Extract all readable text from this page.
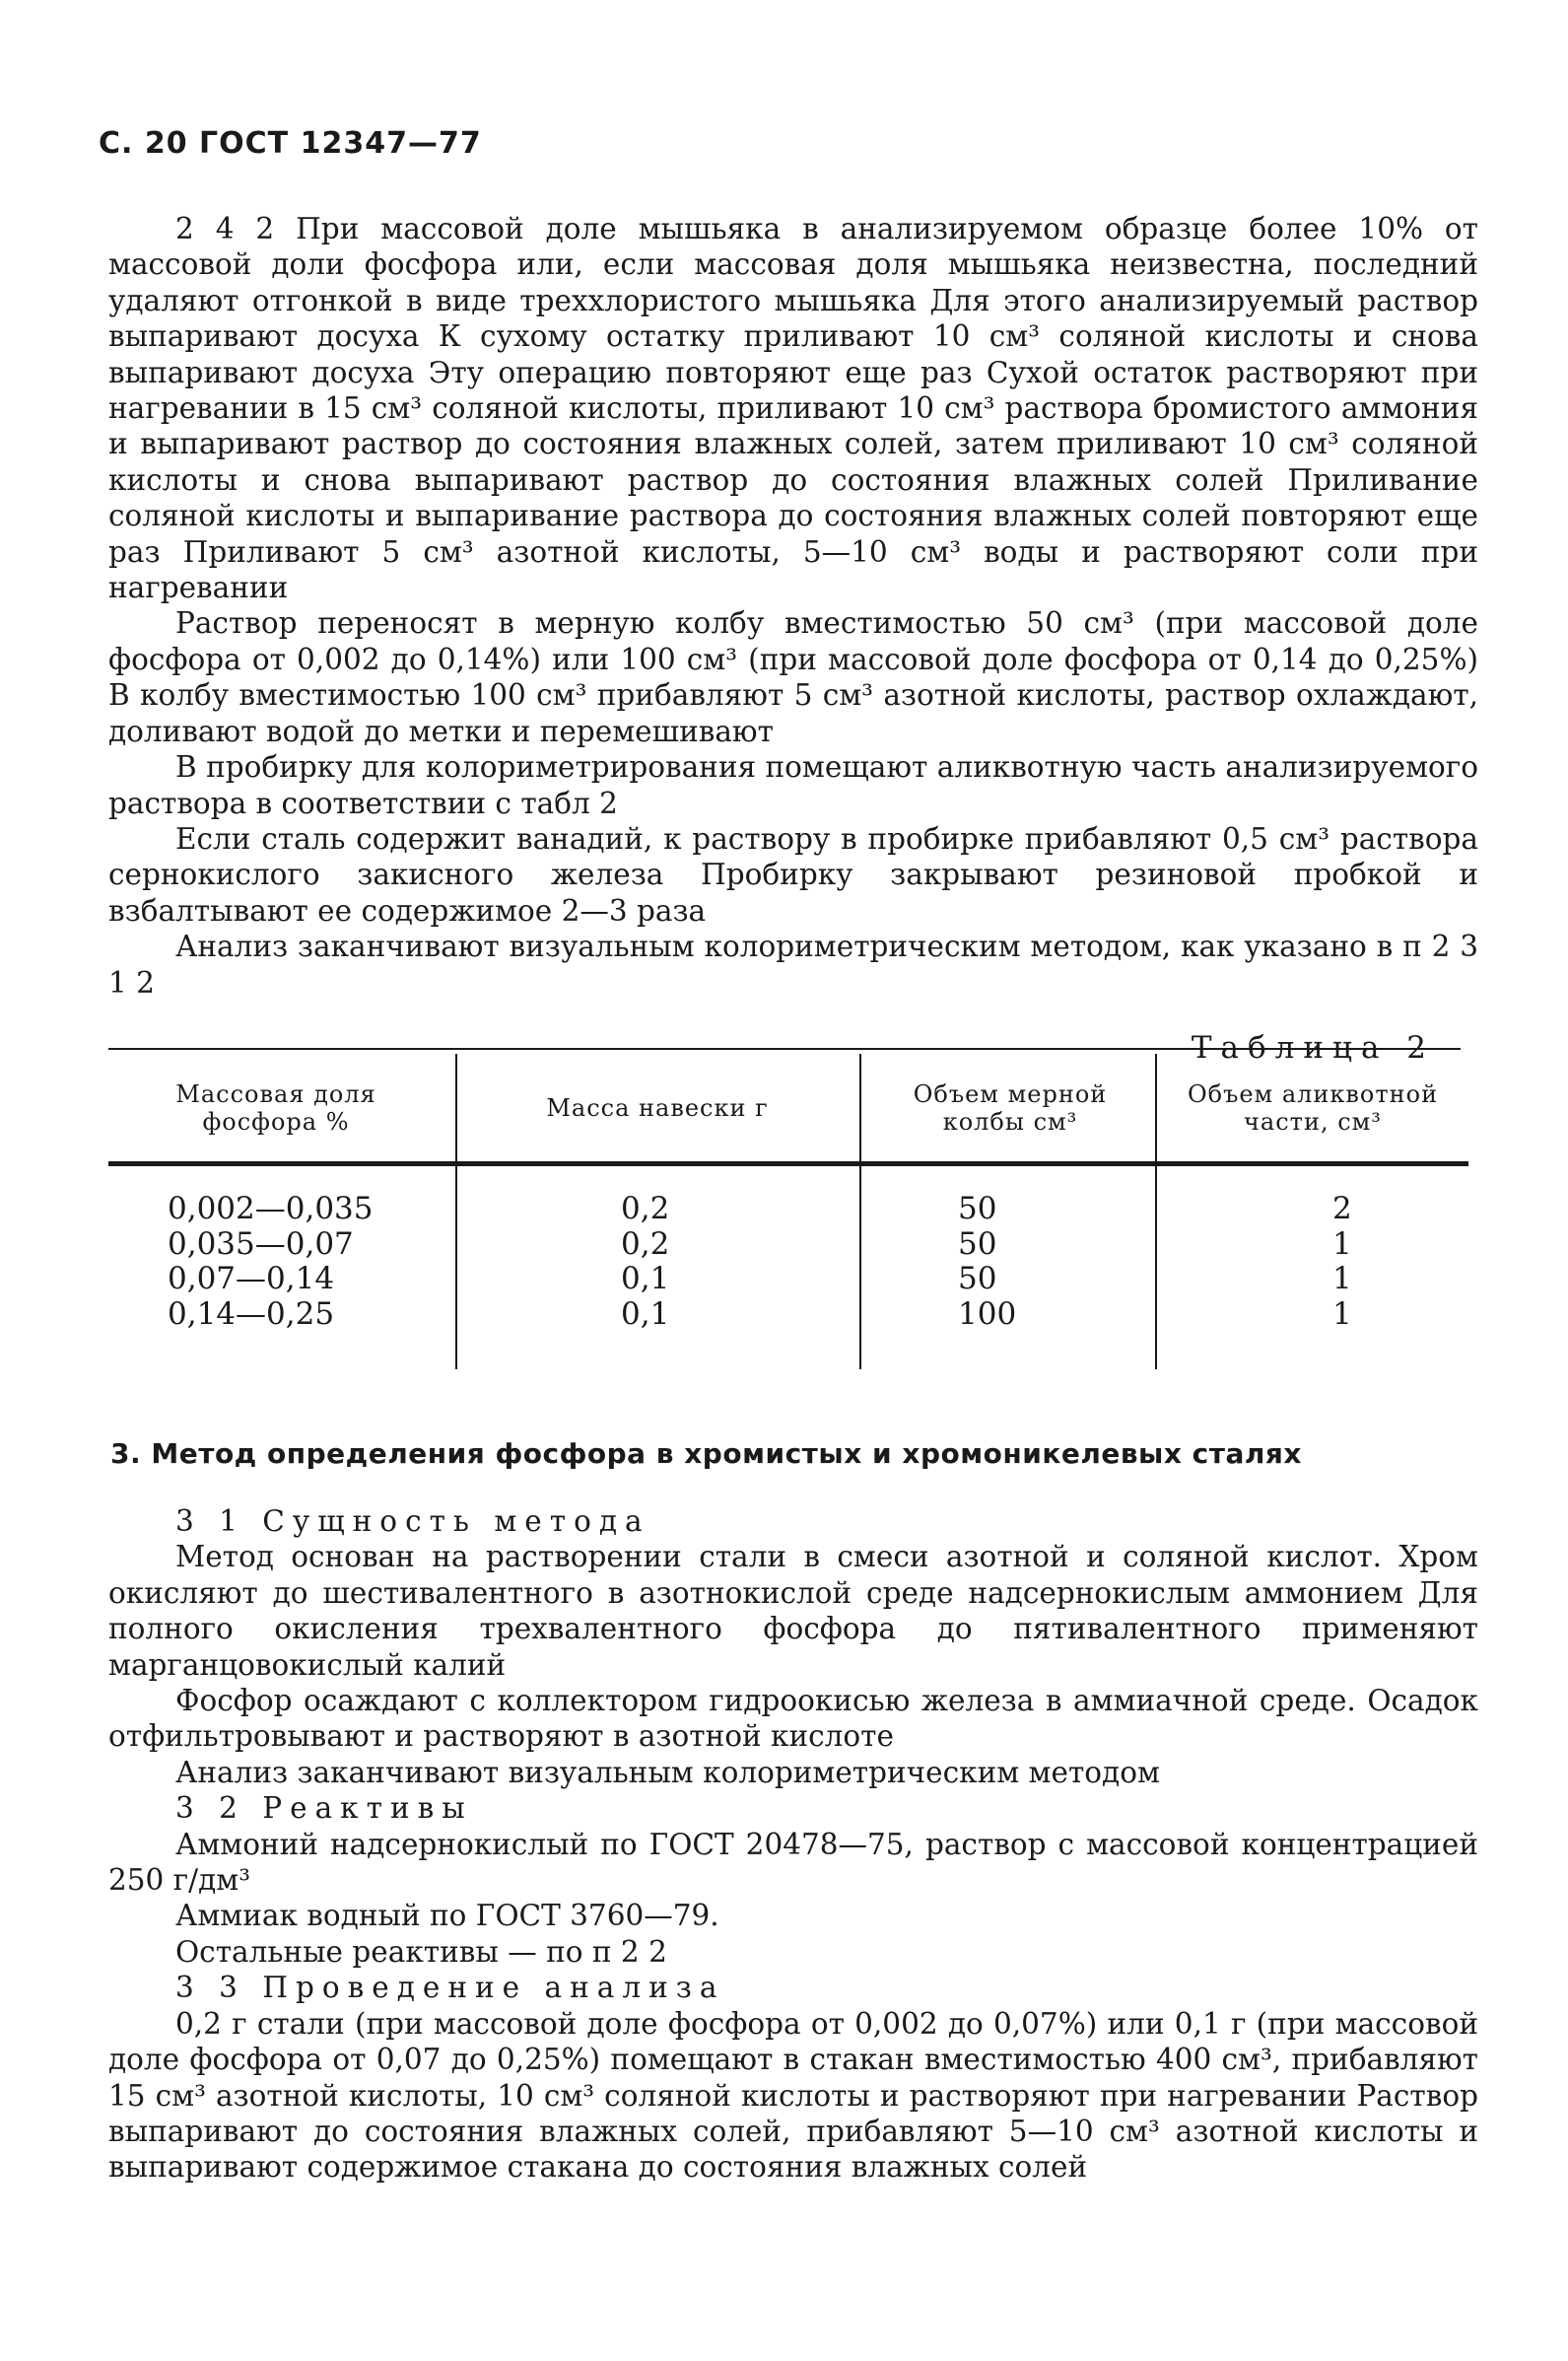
С. 20 ГОСТ 12347—77

2 4 2 При массовой доле мышьяка в анализируемом образце более 10% от массовой доли фосфора или, если массовая доля мышьяка неизвестна, последний удаляют отгонкой в виде треххлористого мышьяка Для этого анализируемый раствор выпаривают досуха К сухому остатку приливают 10 см³ соляной кислоты и снова выпаривают досуха Эту операцию повторяют еще раз Сухой остаток растворяют при нагревании в 15 см³ соляной кислоты, приливают 10 см³ раствора бромистого аммония и выпаривают раствор до состояния влажных солей, затем приливают 10 см³ соляной кислоты и снова выпаривают раствор до состояния влажных солей Приливание соляной кислоты и выпаривание раствора до состояния влажных солей повторяют еще раз Приливают 5 см³ азотной кислоты, 5—10 см³ воды и растворяют соли при нагревании

Раствор переносят в мерную колбу вместимостью 50 см³ (при массовой доле фосфора от 0,002 до 0,14%) или 100 см³ (при массовой доле фосфора от 0,14 до 0,25%) В колбу вместимостью 100 см³ прибавляют 5 см³ азотной кислоты, раствор охлаждают, доливают водой до метки и перемешивают

В пробирку для колориметрирования помещают аликвотную часть анализируемого раствора в соответствии с табл 2

Если сталь содержит ванадий, к раствору в пробирке прибавляют 0,5 см³ раствора сернокислого закисного железа Пробирку закрывают резиновой пробкой и взбалтывают ее содержимое 2—3 раза

Анализ заканчивают визуальным колориметрическим методом, как указано в п 2 3 1 2

Таблица 2
Массовая доля фосфора %	Масса навески г	Объем мерной колбы см³
Объем аликвотной части, см³
0,002—0,035
0,035—0,07
0,07—0,14
0,14—0,25
0,2
0,2
0,1
0,1
50
50
50
100
2
1
1
1
3. Метод определения фосфора в хромистых и хромоникелевых сталях

3 1 Сущность метода

Метод основан на растворении стали в смеси азотной и соляной кислот. Хром окисляют до шестивалентного в азотнокислой среде надсернокислым аммонием Для полного окисления трехвалентного фосфора до пятивалентного применяют марганцовокислый калий

Фосфор осаждают с коллектором гидроокисью железа в аммиачной среде. Осадок отфильтровывают и растворяют в азотной кислоте

Анализ заканчивают визуальным колориметрическим методом

3 2 Реактивы

Аммоний надсернокислый по ГОСТ 20478—75, раствор с массовой концентрацией 250 г/дм³

Аммиак водный по ГОСТ 3760—79.

Остальные реактивы — по п 2 2

3 3 Проведение анализа

0,2 г стали (при массовой доле фосфора от 0,002 до 0,07%) или 0,1 г (при массовой доле фосфора от 0,07 до 0,25%) помещают в стакан вместимостью 400 см³, прибавляют 15 см³ азотной кислоты, 10 см³ соляной кислоты и растворяют при нагревании Раствор выпаривают до состояния влажных солей, прибавляют 5—10 см³ азотной кислоты и выпаривают содержимое стакана до состояния влажных солей
